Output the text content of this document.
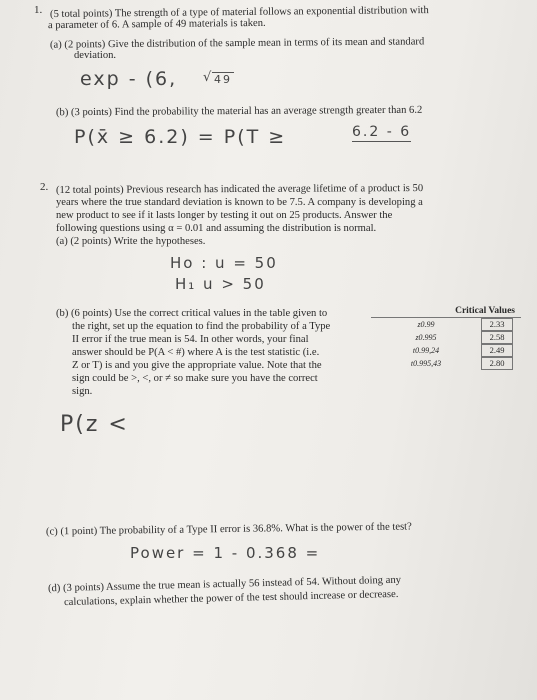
1. (5 total points) The strength of a type of material follows an exponential distribution with
a parameter of 6. A sample of 49 materials is taken.
(a) (2 points) Give the distribution of the sample mean in terms of its mean and standard
deviation.
exp - (6, √ 49
(b) (3 points) Find the probability the material has an average strength greater than 6.2
P(x̄ ≥ 6.2) = P(T ≥	6.2 - 6
2. (12 total points) Previous research has indicated the average lifetime of a product is 50
years where the true standard deviation is known to be 7.5. A company is developing a
new product to see if it lasts longer by testing it out on 25 products. Answer the
following questions using α = 0.01 and assuming the distribution is normal.
(a) (2 points) Write the hypotheses.
Ho : u = 50
H₁ u > 50
(b) (6 points) Use the correct critical values in the table given to
the right, set up the equation to find the probability of a Type
II error if the true mean is 54. In other words, your final
answer should be P(A < #) where A is the test statistic (i.e.
Z or T) is and you give the appropriate value. Note that the
sign could be >, <, or ≠ so make sure you have the correct
sign.
P(z <
Critical Values
z0.99	2.33
z0.995	2.58
t0.99,24	2.49
t0.995,43	2.80
(c) (1 point) The probability of a Type II error is 36.8%. What is the power of the test?
Power = 1 - 0.368 =
(d) (3 points) Assume the true mean is actually 56 instead of 54. Without doing any
calculations, explain whether the power of the test should increase or decrease.
